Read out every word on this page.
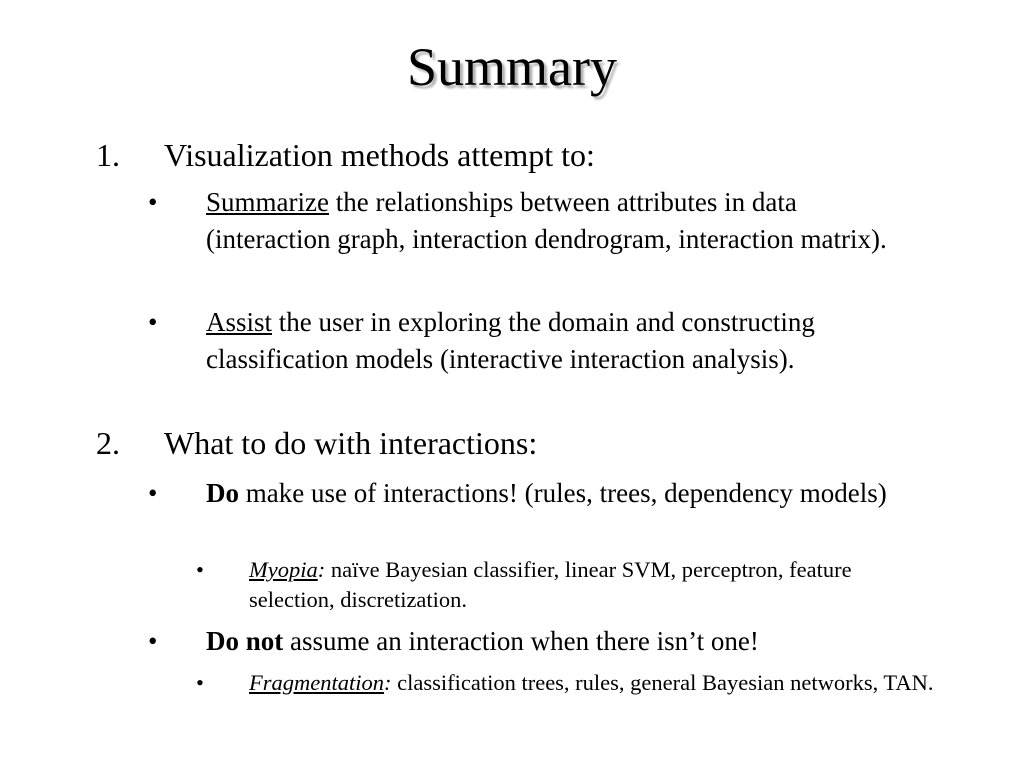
Summary
1. Visualization methods attempt to:
• Summarize the relationships between attributes in data (interaction graph, interaction dendrogram, interaction matrix).
• Assist the user in exploring the domain and constructing classification models (interactive interaction analysis).
2. What to do with interactions:
• Do make use of interactions! (rules, trees, dependency models)
• Myopia: naïve Bayesian classifier, linear SVM, perceptron, feature selection, discretization.
• Do not assume an interaction when there isn’t one!
• Fragmentation: classification trees, rules, general Bayesian networks, TAN.
